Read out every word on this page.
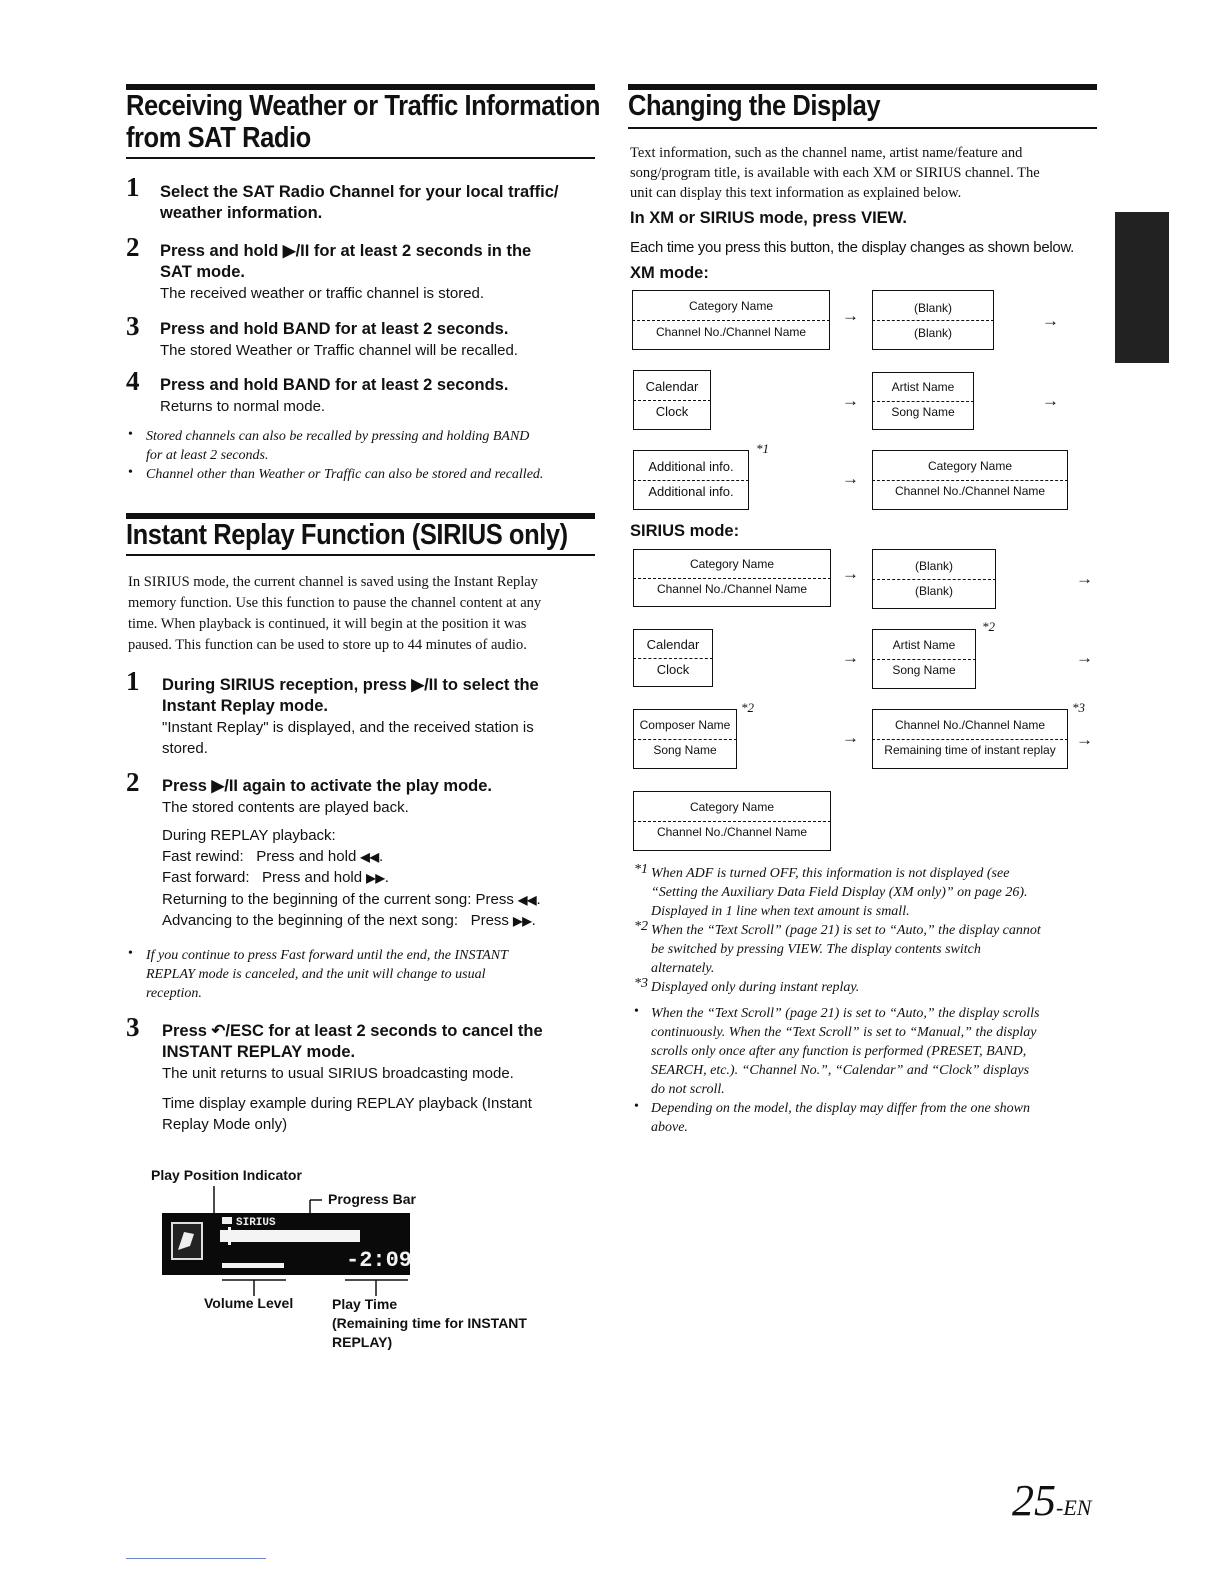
Receiving Weather or Traffic Information
from SAT Radio
1 Select the SAT Radio Channel for your local traffic/
weather information.
2 Press and hold ▶/II for at least 2 seconds in the
SAT mode.
The received weather or traffic channel is stored.
3 Press and hold BAND for at least 2 seconds.
The stored Weather or Traffic channel will be recalled.
4 Press and hold BAND for at least 2 seconds.
Returns to normal mode.
• Stored channels can also be recalled by pressing and holding BAND
for at least 2 seconds.
• Channel other than Weather or Traffic can also be stored and recalled.
Instant Replay Function (SIRIUS only)
In SIRIUS mode, the current channel is saved using the Instant Replay
memory function. Use this function to pause the channel content at any
time. When playback is continued, it will begin at the position it was
paused. This function can be used to store up to 44 minutes of audio.
1 During SIRIUS reception, press ▶/II to select the
Instant Replay mode.
"Instant Replay" is displayed, and the received station is
stored.
2 Press ▶/II again to activate the play mode.
The stored contents are played back.
During REPLAY playback:
Fast rewind: Press and hold ◀◀.
Fast forward: Press and hold ▶▶.
Returning to the beginning of the current song: Press ◀◀.
Advancing to the beginning of the next song: Press ▶▶.
• If you continue to press Fast forward until the end, the INSTANT
REPLAY mode is canceled, and the unit will change to usual
reception.
3 Press ↶/ESC for at least 2 seconds to cancel the
INSTANT REPLAY mode.
The unit returns to usual SIRIUS broadcasting mode.
Time display example during REPLAY playback (Instant
Replay Mode only)
Play Position Indicator
Progress Bar
SIRIUS
-2:09
Volume Level	Play Time
(Remaining time for INSTANT
REPLAY)
Changing the Display
Text information, such as the channel name, artist name/feature and
song/program title, is available with each XM or SIRIUS channel. The
unit can display this text information as explained below.
In XM or SIRIUS mode, press VIEW.
Each time you press this button, the display changes as shown below.
XM mode:
Category Name
Channel No./Channel Name
→	(Blank)
(Blank)
→
Calendar
Clock
→
Artist Name
Song Name
→
Additional info.
Additional info.
*1
→
Category Name
Channel No./Channel Name
SIRIUS mode:
Category Name
Channel No./Channel Name
→	(Blank)
(Blank)
→
Calendar
Clock
→
Artist Name
Song Name
*2
→
Composer Name
Song Name
*2
→
Channel No./Channel Name
Remaining time of instant replay
*3
→
Category Name
Channel No./Channel Name
*1 When ADF is turned OFF, this information is not displayed (see
“Setting the Auxiliary Data Field Display (XM only)” on page 26).
Displayed in 1 line when text amount is small.
*2 When the “Text Scroll” (page 21) is set to “Auto,” the display cannot
be switched by pressing VIEW. The display contents switch
alternately.
*3 Displayed only during instant replay.
• When the “Text Scroll” (page 21) is set to “Auto,” the display scrolls
continuously. When the “Text Scroll” is set to “Manual,” the display
scrolls only once after any function is performed (PRESET, BAND,
SEARCH, etc.). “Channel No.”, “Calendar” and “Clock” displays
do not scroll.
• Depending on the model, the display may differ from the one shown
above.
25-EN
